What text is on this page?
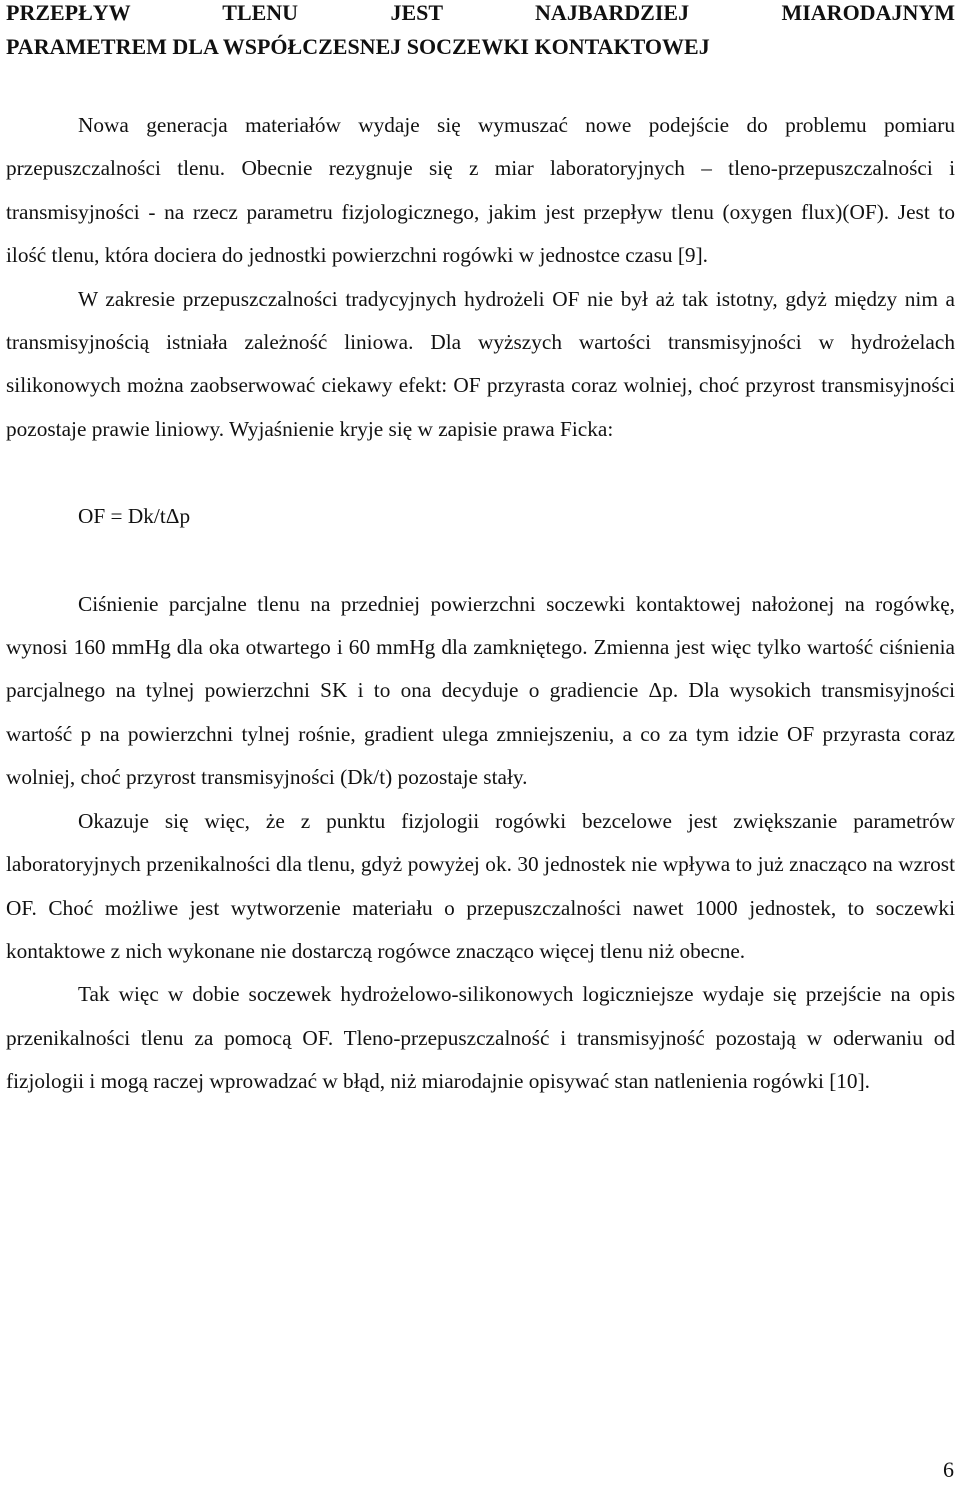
PRZEPŁYW TLENU JEST NAJBARDZIEJ MIARODAJNYM
PARAMETREM DLA WSPÓŁCZESNEJ SOCZEWKI KONTAKTOWEJ

Nowa generacja materiałów wydaje się wymuszać nowe podejście do problemu pomiaru przepuszczalności tlenu. Obecnie rezygnuje się z miar laboratoryjnych – tleno-przepuszczalności i transmisyjności - na rzecz parametru fizjologicznego, jakim jest przepływ tlenu (oxygen flux)(OF). Jest to ilość tlenu, która dociera do jednostki powierzchni rogówki w jednostce czasu [9].

W zakresie przepuszczalności tradycyjnych hydrożeli OF nie był aż tak istotny, gdyż między nim a transmisyjnością istniała zależność liniowa. Dla wyższych wartości transmisyjności w hydrożelach silikonowych można zaobserwować ciekawy efekt: OF przyrasta coraz wolniej, choć przyrost transmisyjności pozostaje prawie liniowy. Wyjaśnienie kryje się w zapisie prawa Ficka:

OF = Dk/tΔp

Ciśnienie parcjalne tlenu na przedniej powierzchni soczewki kontaktowej nałożonej na rogówkę, wynosi 160 mmHg dla oka otwartego i 60 mmHg dla zamkniętego. Zmienna jest więc tylko wartość ciśnienia parcjalnego na tylnej powierzchni SK i to ona decyduje o gradiencie Δp. Dla wysokich transmisyjności wartość p na powierzchni tylnej rośnie, gradient ulega zmniejszeniu, a co za tym idzie OF przyrasta coraz wolniej, choć przyrost transmisyjności (Dk/t) pozostaje stały.

Okazuje się więc, że z punktu fizjologii rogówki bezcelowe jest zwiększanie parametrów laboratoryjnych przenikalności dla tlenu, gdyż powyżej ok. 30 jednostek nie wpływa to już znacząco na wzrost OF. Choć możliwe jest wytworzenie materiału o przepuszczalności nawet 1000 jednostek, to soczewki kontaktowe z nich wykonane nie dostarczą rogówce znacząco więcej tlenu niż obecne.

Tak więc w dobie soczewek hydrożelowo-silikonowych logiczniejsze wydaje się przejście na opis przenikalności tlenu za pomocą OF. Tleno-przepuszczalność i transmisyjność pozostają w oderwaniu od fizjologii i mogą raczej wprowadzać w błąd, niż miarodajnie opisywać stan natlenienia rogówki [10].

6
